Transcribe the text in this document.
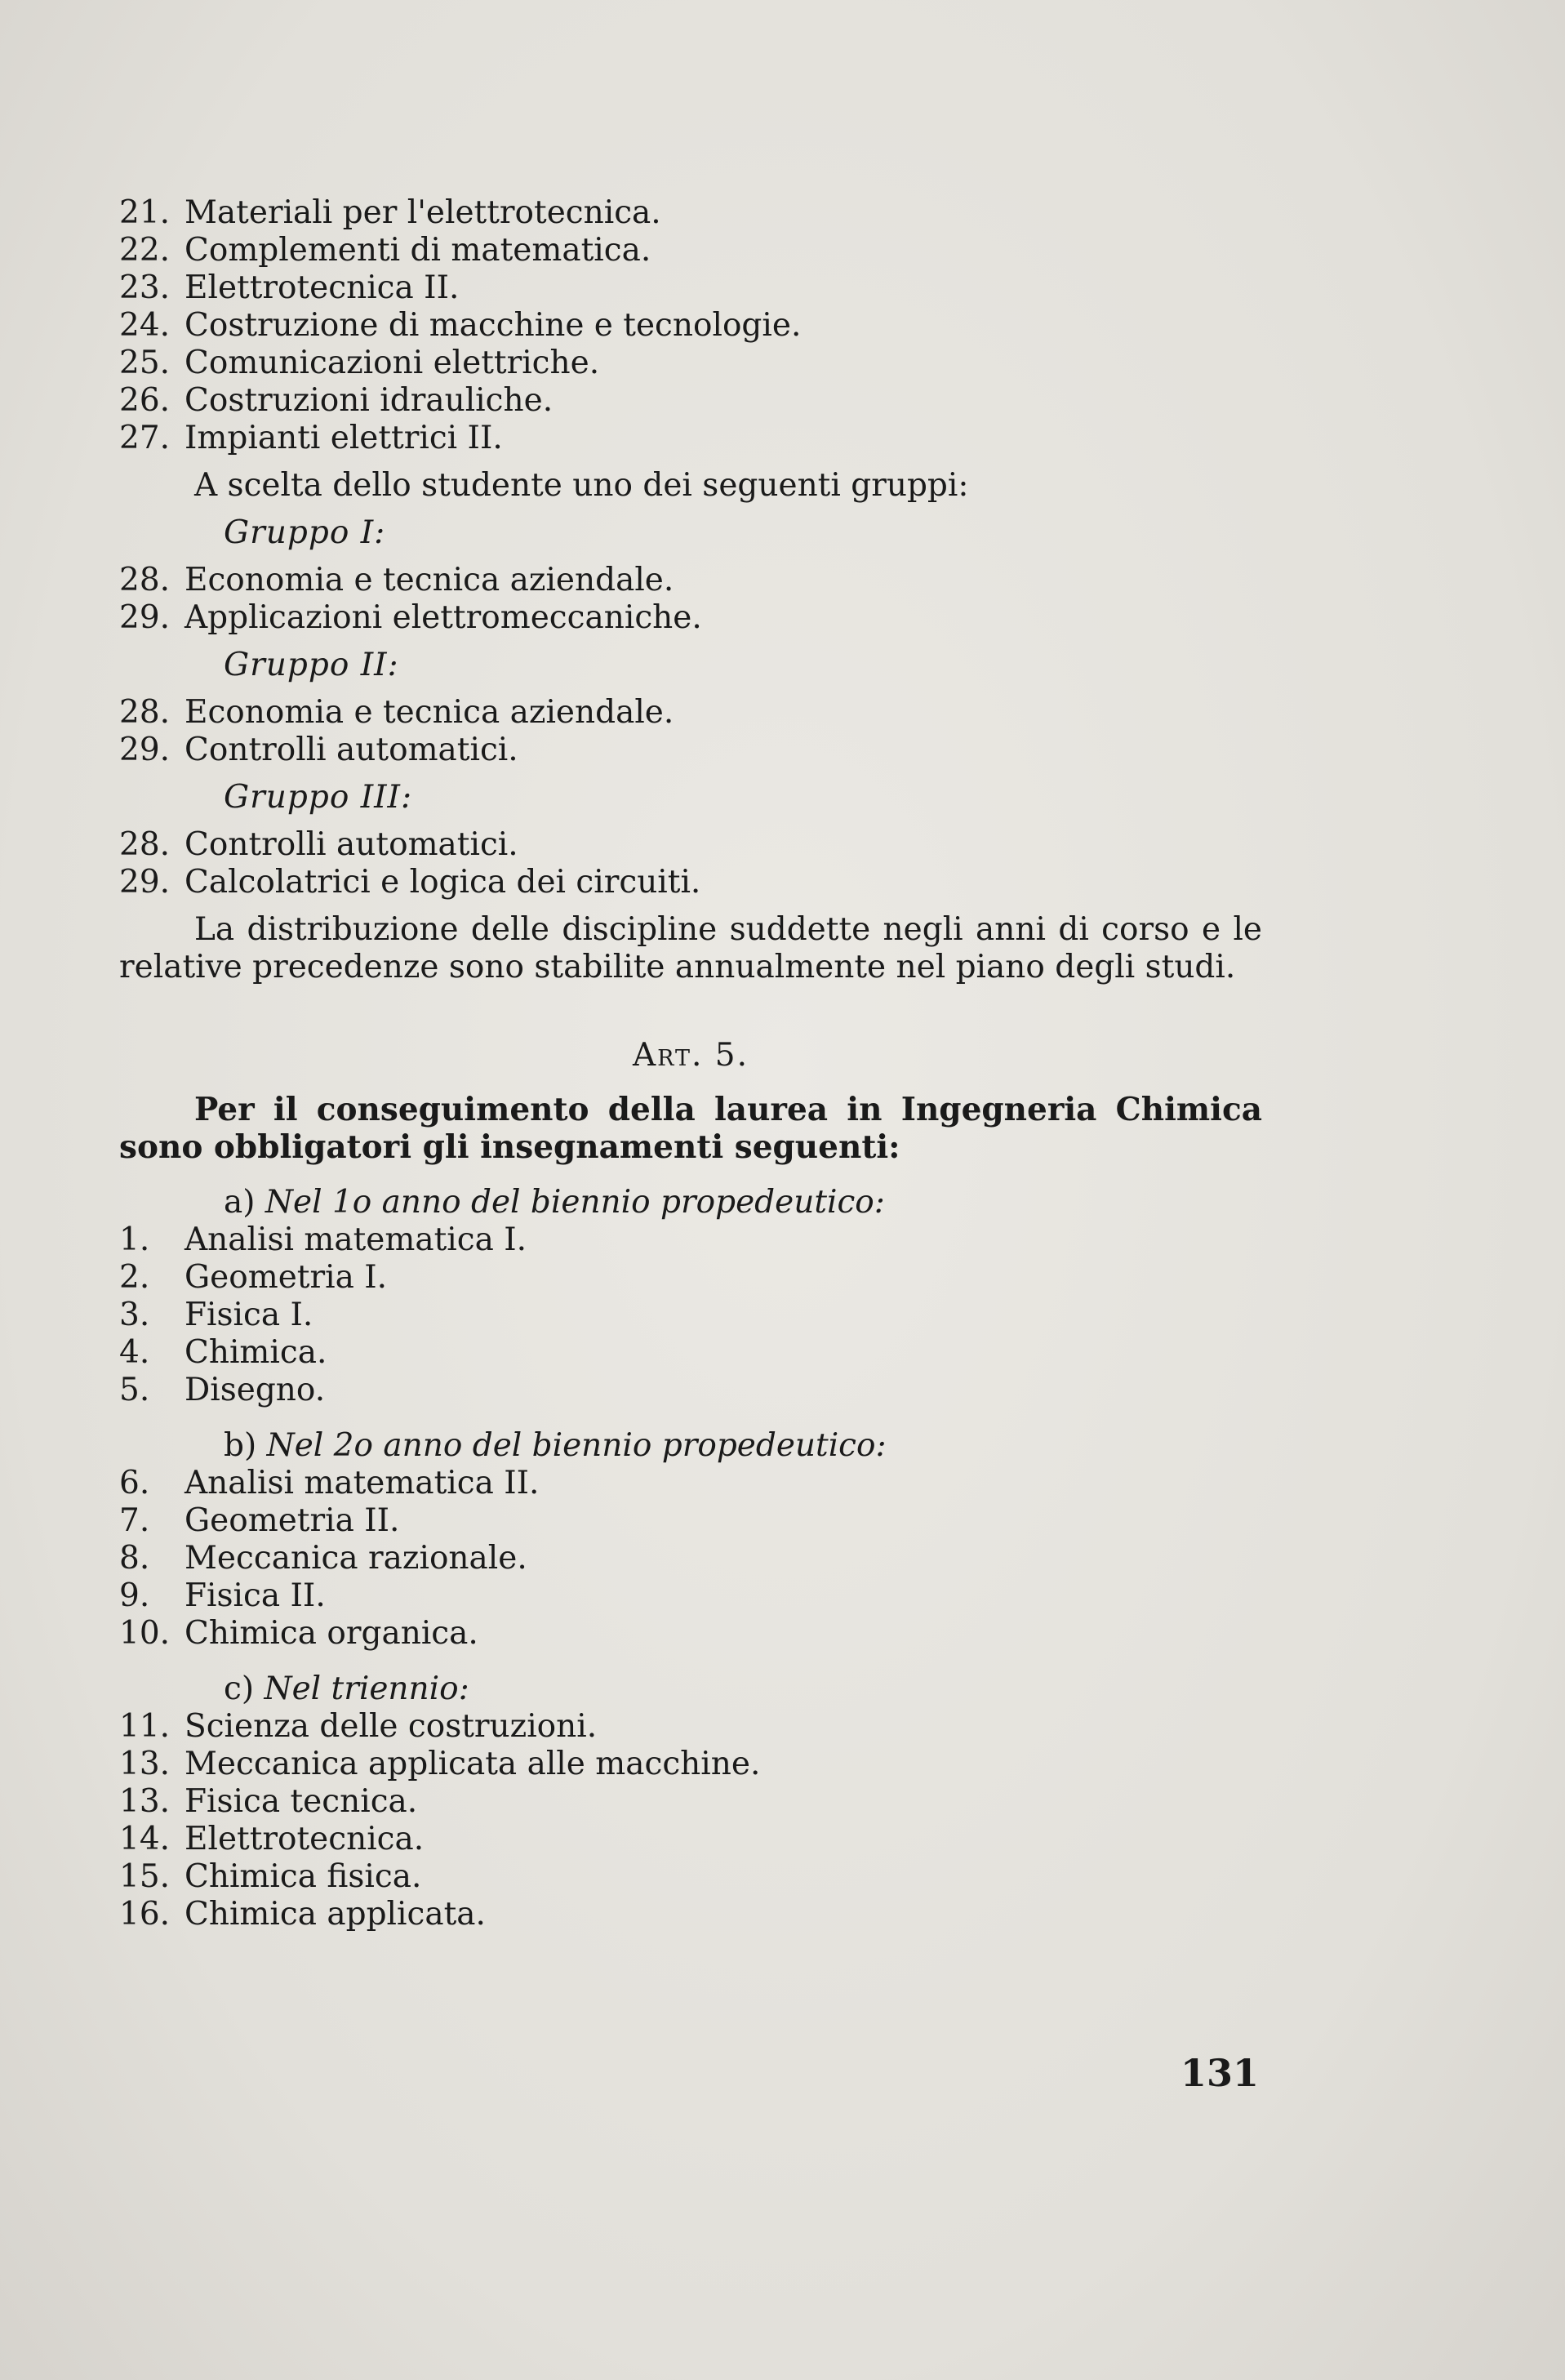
21. Materiali per l'elettrotecnica.
22. Complementi di matematica.
23. Elettrotecnica II.
24. Costruzione di macchine e tecnologie.
25. Comunicazioni elettriche.
26. Costruzioni idrauliche.
27. Impianti elettrici II.
A scelta dello studente uno dei seguenti gruppi:
Gruppo I:
28. Economia e tecnica aziendale.
29. Applicazioni elettromeccaniche.
Gruppo II:
28. Economia e tecnica aziendale.
29. Controlli automatici.
Gruppo III:
28. Controlli automatici.
29. Calcolatrici e logica dei circuiti.
La distribuzione delle discipline suddette negli anni di corso e le relative precedenze sono stabilite annualmente nel piano degli studi.
Art. 5.
Per il conseguimento della laurea in Ingegneria Chimica sono obbligatori gli insegnamenti seguenti:
a) Nel 1o anno del biennio propedeutico:
1. Analisi matematica I.
2. Geometria I.
3. Fisica I.
4. Chimica.
5. Disegno.
b) Nel 2o anno del biennio propedeutico:
6. Analisi matematica II.
7. Geometria II.
8. Meccanica razionale.
9. Fisica II.
10. Chimica organica.
c) Nel triennio:
11. Scienza delle costruzioni.
13. Meccanica applicata alle macchine.
13. Fisica tecnica.
14. Elettrotecnica.
15. Chimica fisica.
16. Chimica applicata.
131
